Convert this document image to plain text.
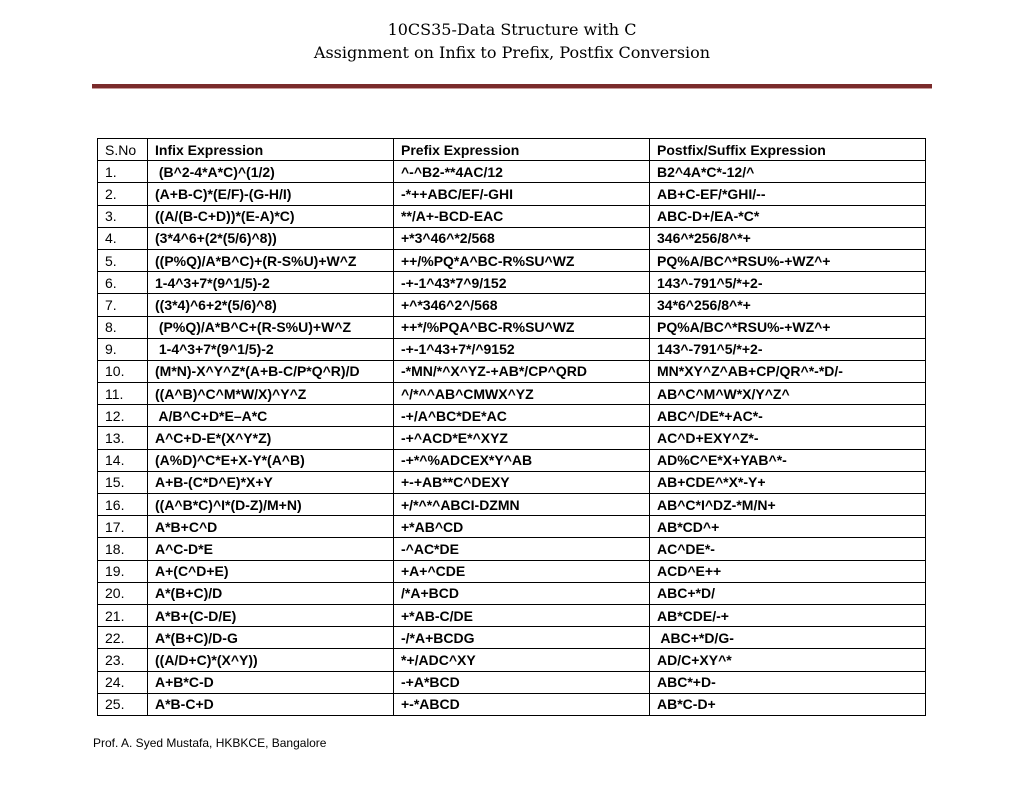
10CS35-Data Structure with C
Assignment on Infix to Prefix, Postfix Conversion
S.No	Infix Expression	Prefix Expression	Postfix/Suffix Expression
1.	(B^2-4*A*C)^(1/2)	^-^B2-**4AC/12	B2^4A*C*-12/^
2.	(A+B-C)*(E/F)-(G-H/I)	-*++ABC/EF/-GHI	AB+C-EF/*GHI/--
3.	((A/(B-C+D))*(E-A)*C)	**/A+-BCD-EAC	ABC-D+/EA-*C*
4.	(3*4^6+(2*(5/6)^8))	+*3^46^*2/568	346^*256/8^*+
5.	((P%Q)/A*B^C)+(R-S%U)+W^Z	++/%PQ*A^BC-R%SU^WZ	PQ%A/BC^*RSU%-+WZ^+
6.	1-4^3+7*(9^1/5)-2	-+-1^43*7^9/152	143^-791^5/*+2-
7.	((3*4)^6+2*(5/6)^8)	+^*346^2^/568	34*6^256/8^*+
8.	(P%Q)/A*B^C+(R-S%U)+W^Z	++*/%PQA^BC-R%SU^WZ	PQ%A/BC^*RSU%-+WZ^+
9.	1-4^3+7*(9^1/5)-2	-+-1^43+7*/^9152	143^-791^5/*+2-
10.	(M*N)-X^Y^Z*(A+B-C/P*Q^R)/D	-*MN/*^X^YZ-+AB*/CP^QRD	MN*XY^Z^AB+CP/QR^*-*D/-
11.	((A^B)^C^M*W/X)^Y^Z	^/*^^AB^CMWX^YZ	AB^C^M^W*X/Y^Z^
12.	A/B^C+D*E–A*C	-+/A^BC*DE*AC	ABC^/DE*+AC*-
13.	A^C+D-E*(X^Y*Z)	-+^ACD*E*^XYZ	AC^D+EXY^Z*-
14.	(A%D)^C*E+X-Y*(A^B)	-+*^%ADCEX*Y^AB	AD%C^E*X+YAB^*-
15.	A+B-(C*D^E)*X+Y	+-+AB**C^DEXY	AB+CDE^*X*-Y+
16.	((A^B*C)^I*(D-Z)/M+N)	+/*^*^ABCI-DZMN	AB^C*I^DZ-*M/N+
17.	A*B+C^D	+*AB^CD	AB*CD^+
18.	A^C-D*E	-^AC*DE	AC^DE*-
19.	A+(C^D+E)	+A+^CDE	ACD^E++
20.	A*(B+C)/D	/*A+BCD	ABC+*D/
21.	A*B+(C-D/E)	+*AB-C/DE	AB*CDE/-+
22.	A*(B+C)/D-G	-/*A+BCDG	ABC+*D/G-
23.	((A/D+C)*(X^Y))	*+/ADC^XY	AD/C+XY^*
24.	A+B*C-D	-+A*BCD	ABC*+D-
25.	A*B-C+D	+-*ABCD	AB*C-D+
Prof. A. Syed Mustafa, HKBKCE, Bangalore
